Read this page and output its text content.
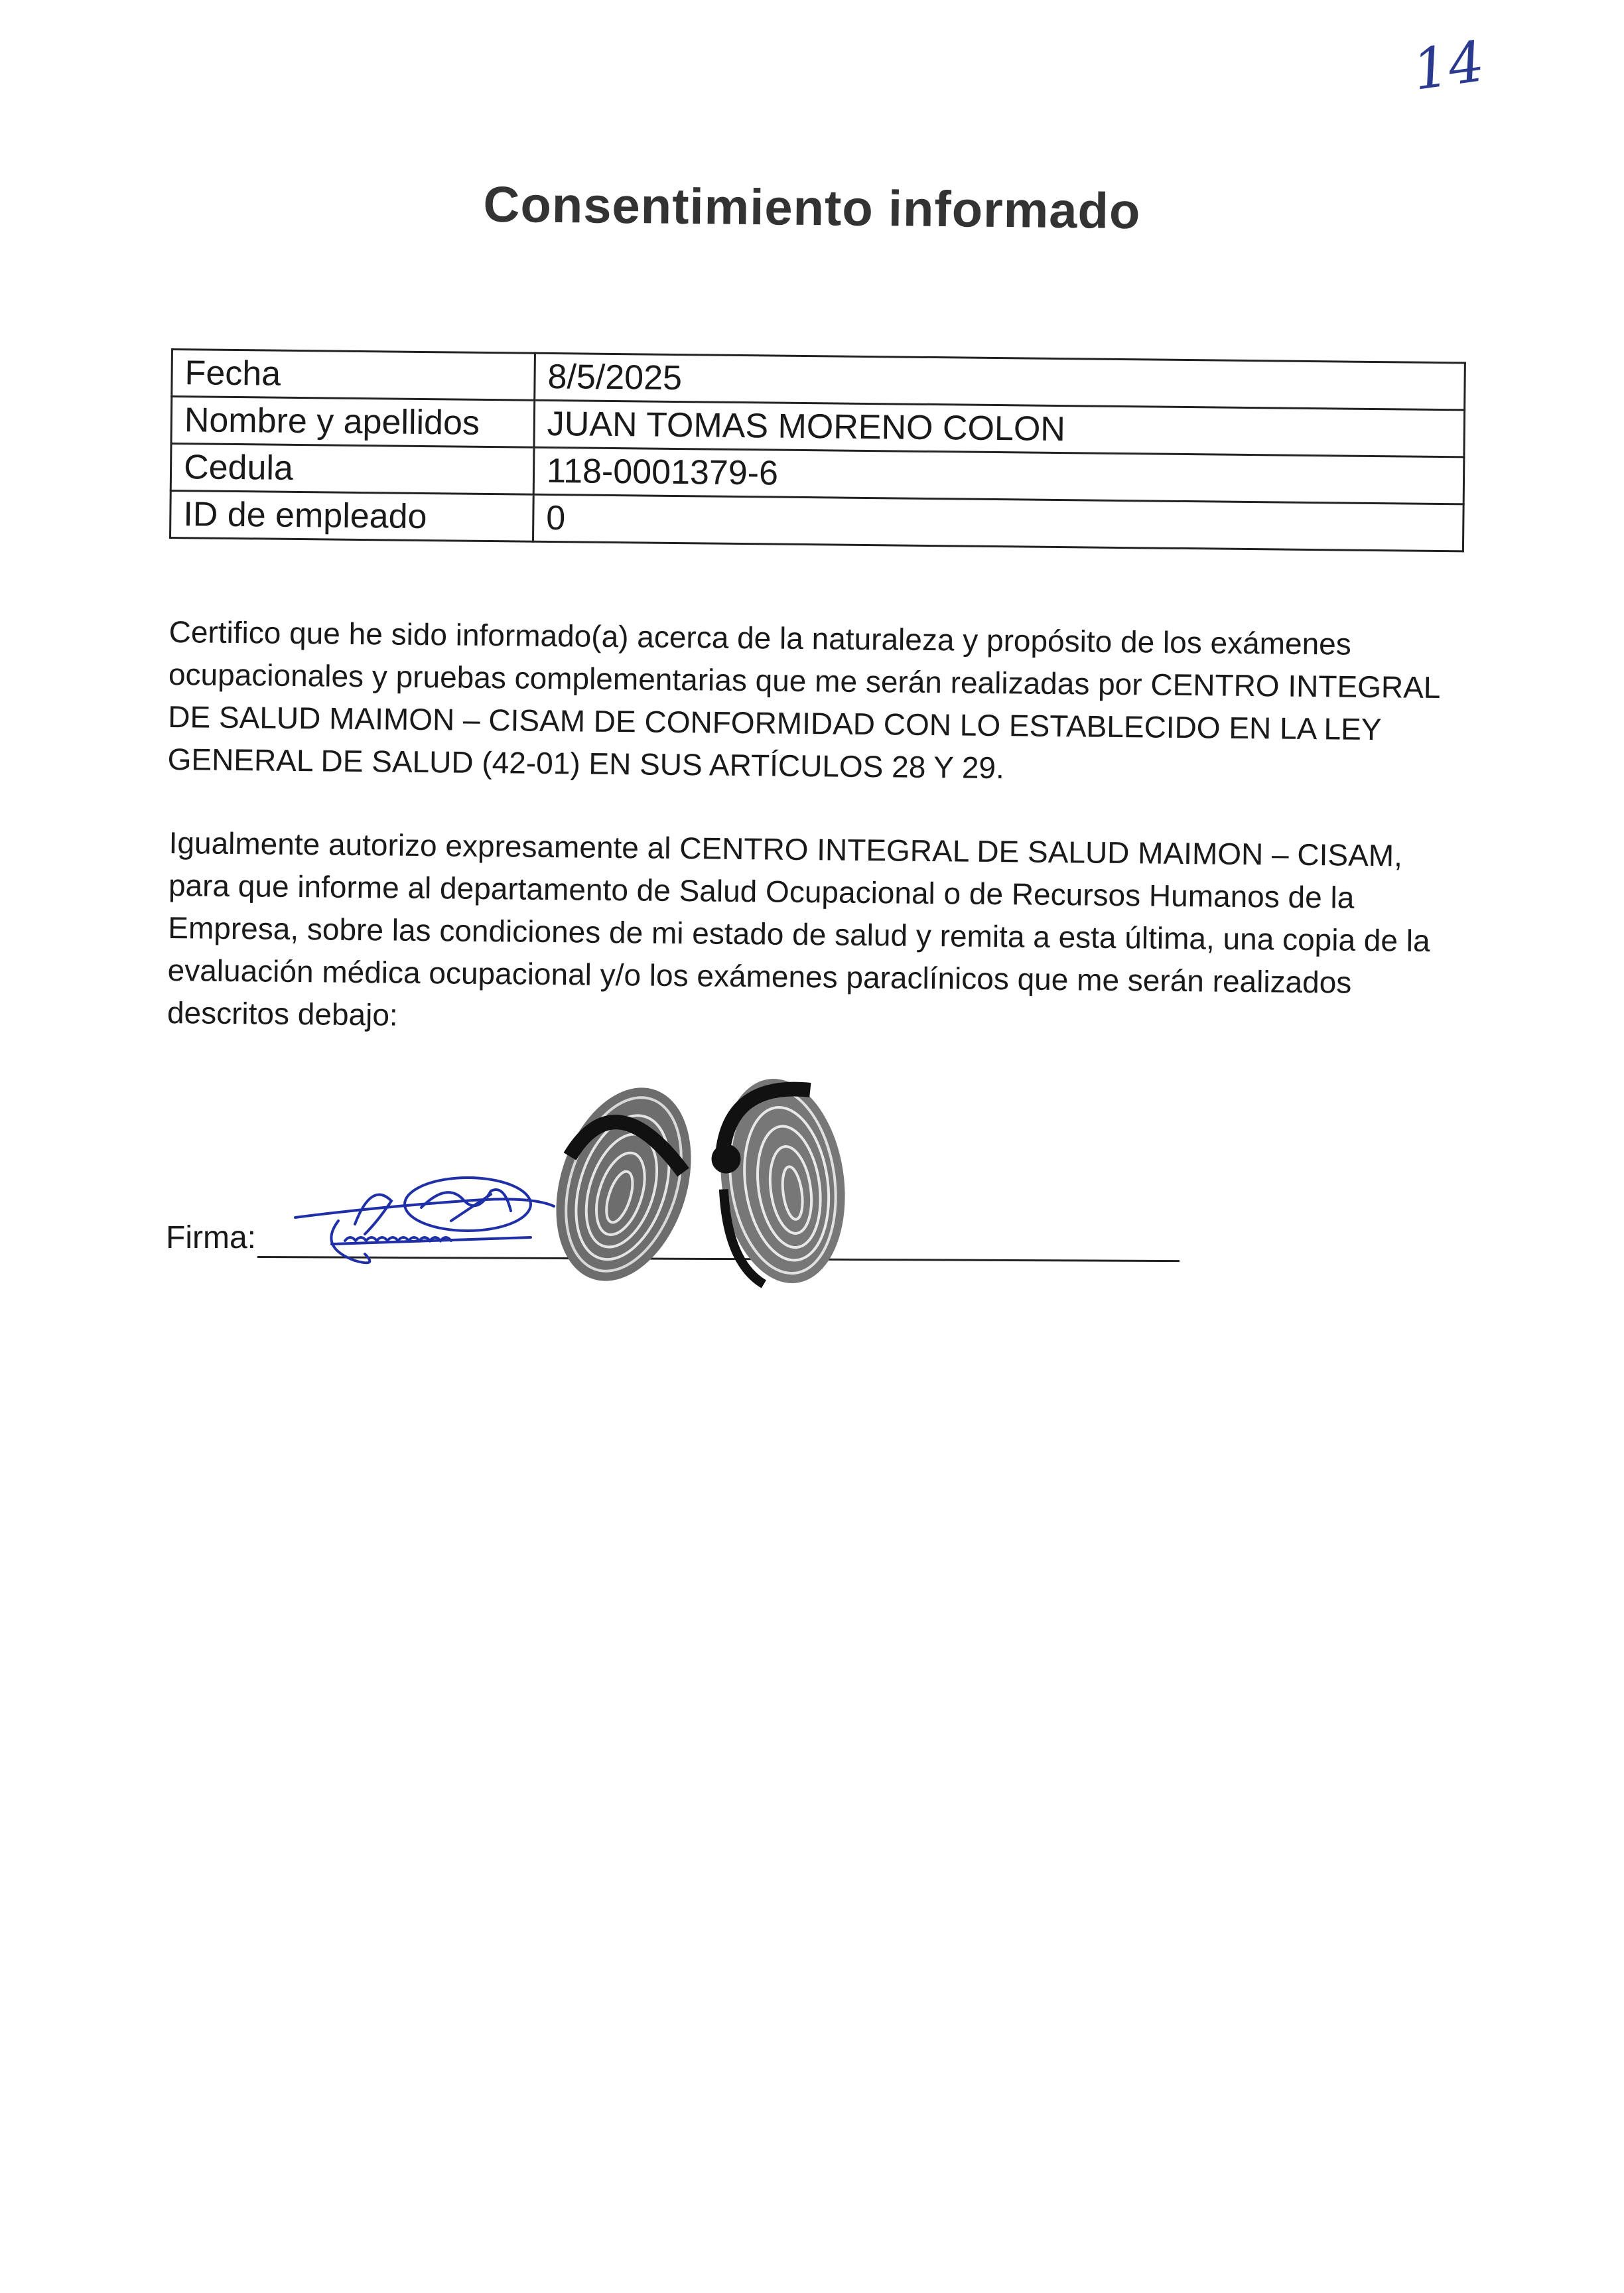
14
Consentimiento informado
Fecha	8/5/2025
Nombre y apellidos	JUAN TOMAS MORENO COLON
Cedula	118-0001379-6
ID de empleado	0

Certifico que he sido informado(a) acerca de la naturaleza y propósito de los exámenes ocupacionales y pruebas complementarias que me serán realizadas por CENTRO INTEGRAL DE SALUD MAIMON – CISAM DE CONFORMIDAD CON LO ESTABLECIDO EN LA LEY GENERAL DE SALUD (42-01) EN SUS ARTÍCULOS 28 Y 29.

Igualmente autorizo expresamente al CENTRO INTEGRAL DE SALUD MAIMON – CISAM, para que informe al departamento de Salud Ocupacional o de Recursos Humanos de la Empresa, sobre las condiciones de mi estado de salud y remita a esta última, una copia de la evaluación médica ocupacional y/o los exámenes paraclínicos que me serán realizados descritos debajo:

Firma:
